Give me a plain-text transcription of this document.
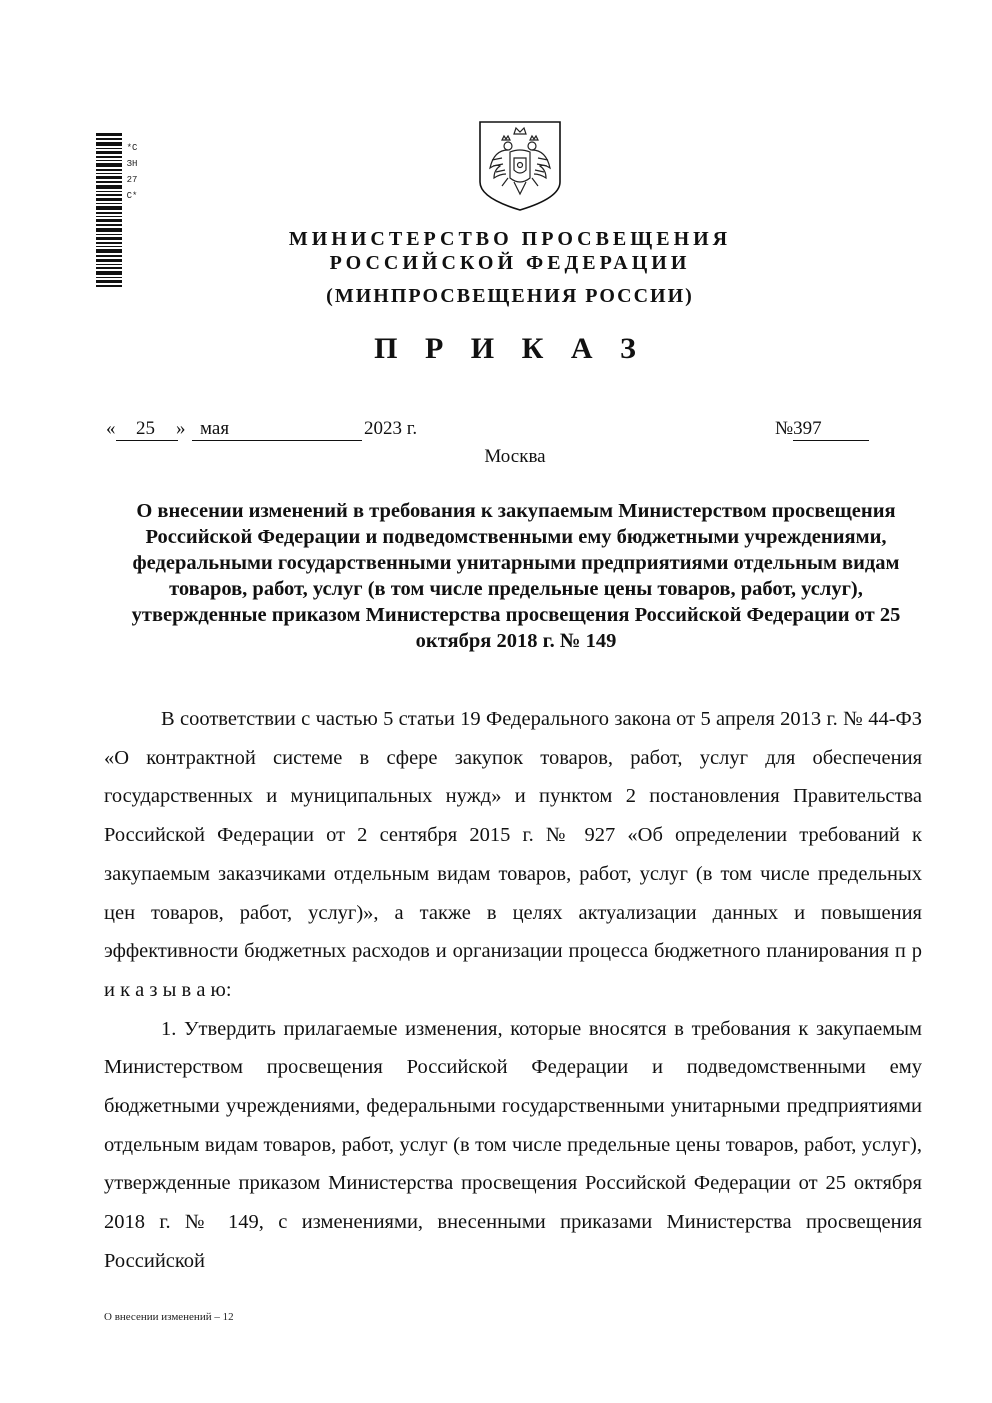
*СЗН27С*
МИНИСТЕРСТВО ПРОСВЕЩЕНИЯ
РОССИЙСКОЙ ФЕДЕРАЦИИ
(МИНПРОСВЕЩЕНИЯ РОССИИ)
П Р И К А З
« 25 » мая	2023 г.	№397
Москва
О внесении изменений в требования к закупаемым Министерством просвещения Российской Федерации и подведомственными ему бюджетными учреждениями, федеральными государственными унитарными предприятиями отдельным видам товаров, работ, услуг (в том числе предельные цены товаров, работ, услуг), утвержденные приказом Министерства просвещения Российской Федерации от 25 октября 2018 г. № 149

В соответствии с частью 5 статьи 19 Федерального закона от 5 апреля 2013 г. № 44-ФЗ «О контрактной системе в сфере закупок товаров, работ, услуг для обеспечения государственных и муниципальных нужд» и пунктом 2 постановления Правительства Российской Федерации от 2 сентября 2015 г. № 927 «Об определении требований к закупаемым заказчиками отдельным видам товаров, работ, услуг (в том числе предельных цен товаров, работ, услуг)», а также в целях актуализации данных и повышения эффективности бюджетных расходов и организации процесса бюджетного планирования п р и к а з ы в а ю:

1. Утвердить прилагаемые изменения, которые вносятся в требования к закупаемым Министерством просвещения Российской Федерации и подведомственными ему бюджетными учреждениями, федеральными государственными унитарными предприятиями отдельным видам товаров, работ, услуг (в том числе предельные цены товаров, работ, услуг), утвержденные приказом Министерства просвещения Российской Федерации от 25 октября 2018 г. № 149, с изменениями, внесенными приказами Министерства просвещения Российской

О внесении изменений – 12
